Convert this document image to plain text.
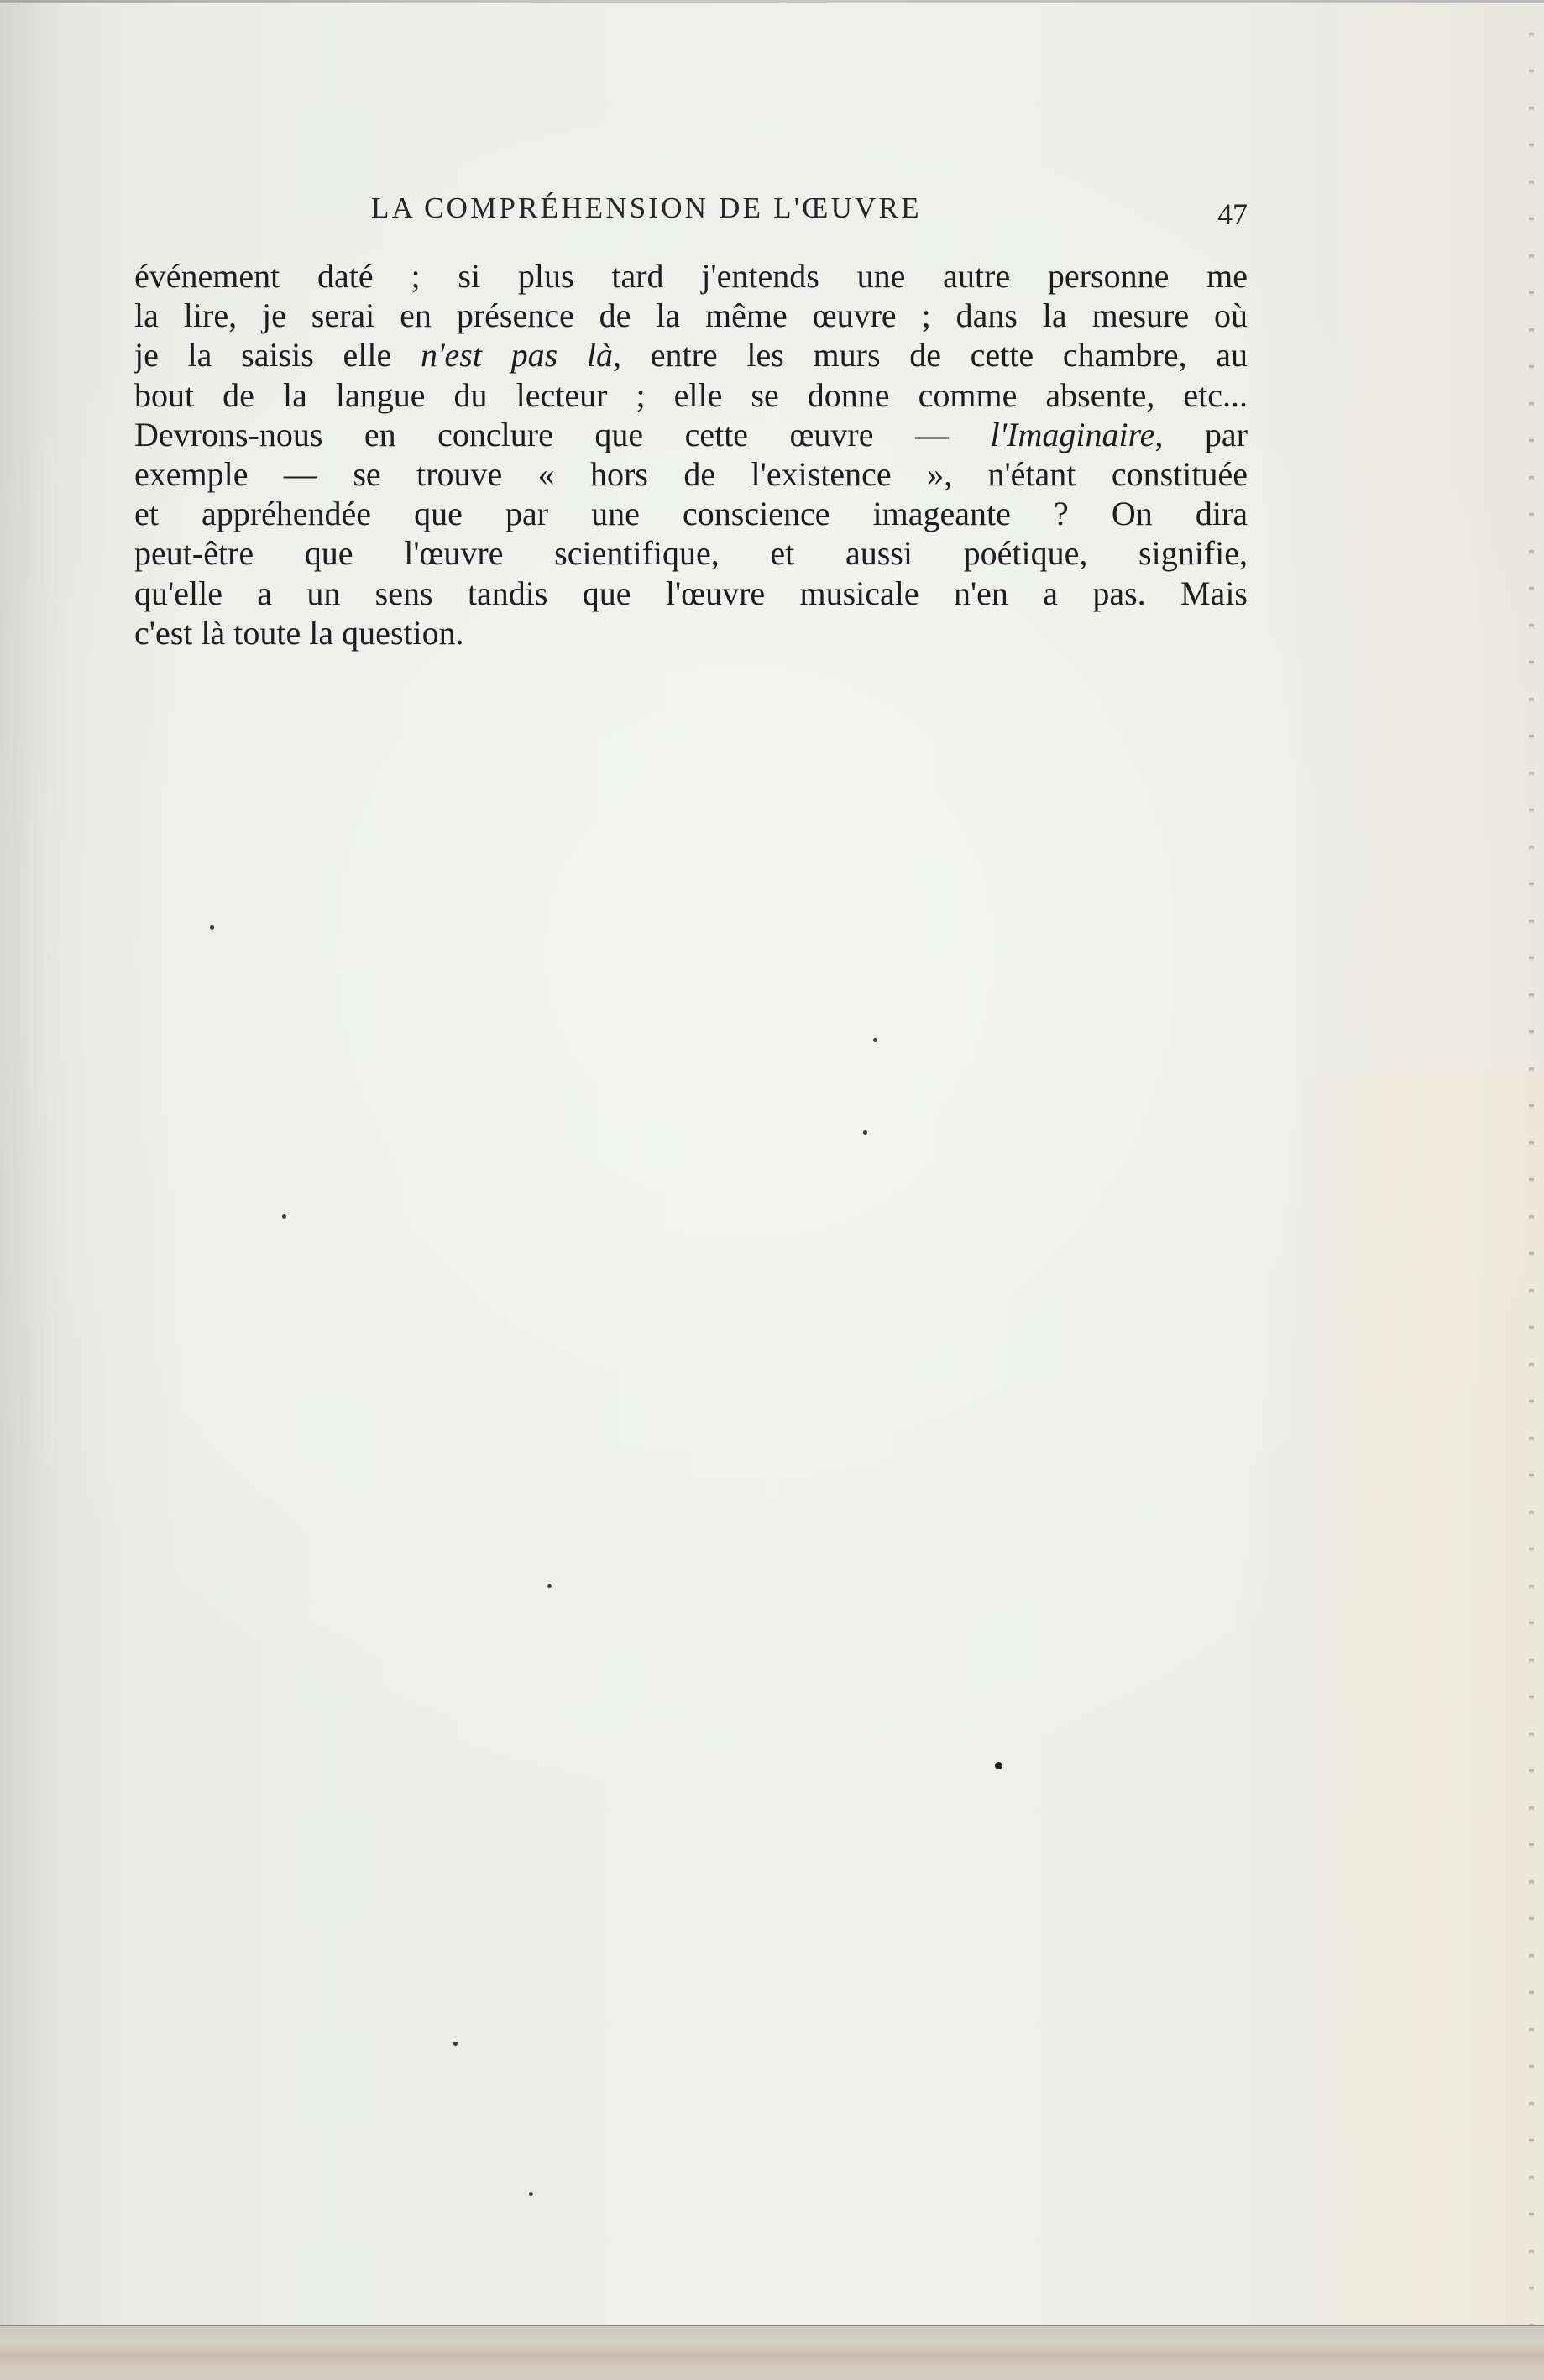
LA COMPRÉHENSION DE L'ŒUVRE	47
événement daté ; si plus tard j'entends une autre personne me
la lire, je serai en présence de la même œuvre ; dans la mesure où
je la saisis elle n'est pas là, entre les murs de cette chambre, au
bout de la langue du lecteur ; elle se donne comme absente, etc...
Devrons-nous en conclure que cette œuvre — l'Imaginaire, par
exemple — se trouve « hors de l'existence », n'étant constituée
et appréhendée que par une conscience imageante ? On dira
peut-être que l'œuvre scientifique, et aussi poétique, signifie,
qu'elle a un sens tandis que l'œuvre musicale n'en a pas. Mais
c'est là toute la question.
